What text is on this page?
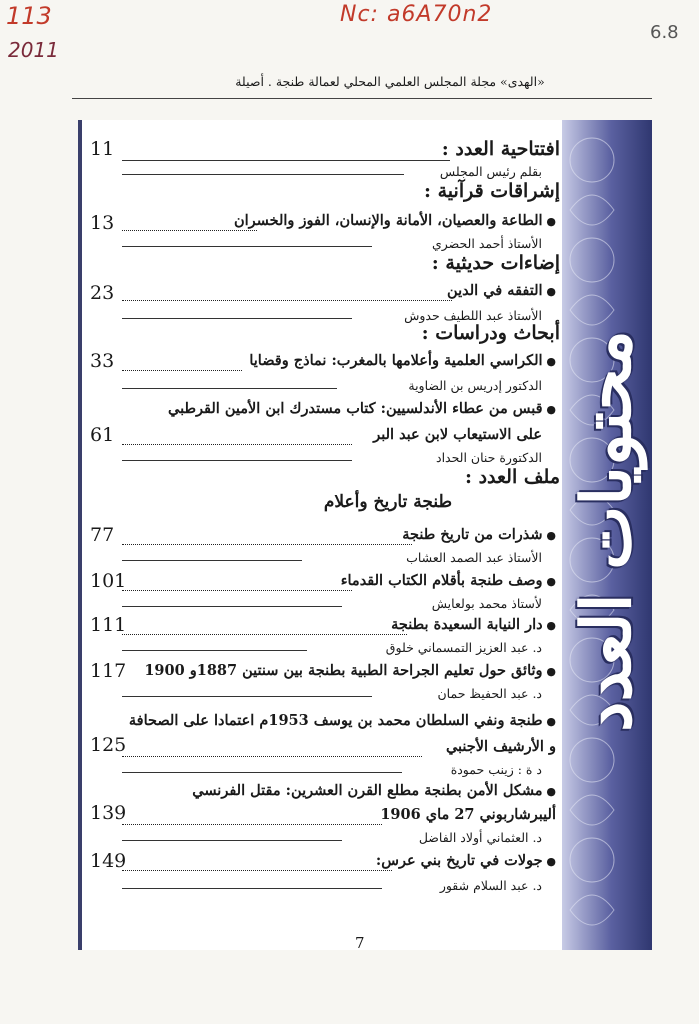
113
2011
Nc: a6A70n2
6.8
«الهدى» مجلة المجلس العلمي المحلي لعمالة طنجة . أصيلة
محتويات العدد
افتتاحية العدد :
11
بقلم رئيس المجلس
إشراقات قرآنية :
13	● الطاعة والعصيان، الأمانة والإنسان، الفوز والخسران
الأستاذ أحمد الحضري
إضاءات حديثية :
23	● التفقه في الدين
الأستاذ عبد اللطيف حدوش
أبحاث ودراسات :
33	● الكراسي العلمية وأعلامها بالمغرب: نماذج وقضايا
الدكتور إدريس بن الضاوية
● قبس من عطاء الأندلسيين: كتاب مستدرك ابن الأمين القرطبي
61	على الاستيعاب لابن عبد البر
الدكتورة حنان الحداد
ملف العدد :
طنجة تاريخ وأعلام
77	● شذرات من تاريخ طنجة
الأستاذ عبد الصمد العشاب
101	● وصف طنجة بأقلام الكتاب القدماء
لأستاذ محمد بولعايش
111	● دار النيابة السعيدة بطنجة
د. عبد العزيز التمسماني خلوق
117	● وثائق حول تعليم الجراحة الطبية بطنجة بين سنتين 1887و 1900
د. عبد الحفيظ حمان
● طنجة ونفي السلطان محمد بن يوسف 1953م اعتمادا على الصحافة
125	و الأرشيف الأجنبي
د ة : زينب حمودة
● مشكل الأمن بطنجة مطلع القرن العشرين: مقتل الفرنسي
139	أليبرشاربوني 27 ماي 1906
د. العثماني أولاد الفاضل
149	● جولات في تاريخ بني عرس:
د. عبد السلام شقور
7
